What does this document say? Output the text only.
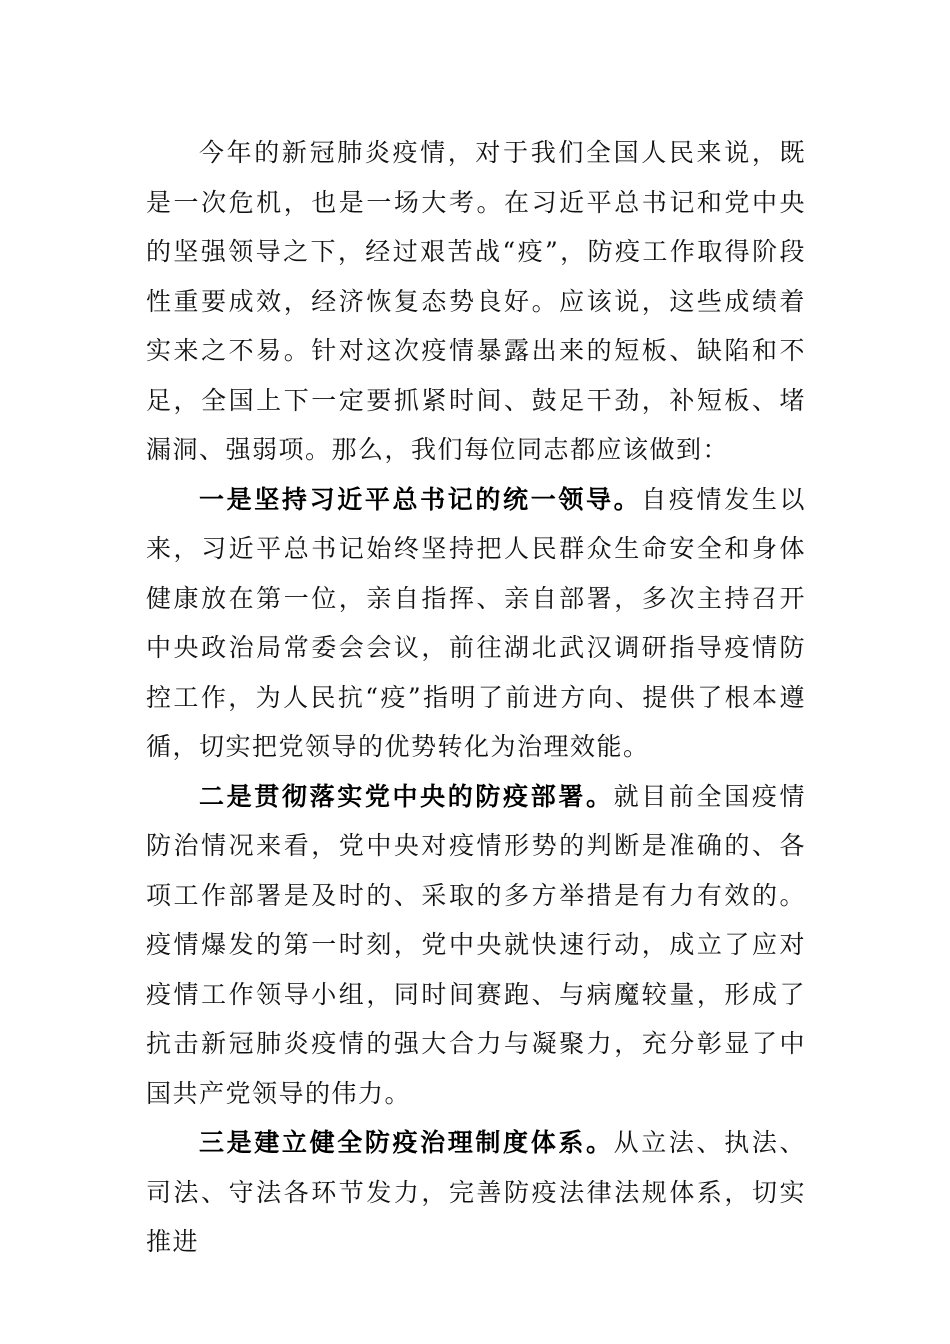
今年的新冠肺炎疫情，对于我们全国人民来说，既是一次危机，也是一场大考。在习近平总书记和党中央的坚强领导之下，经过艰苦战“疫”，防疫工作取得阶段性重要成效，经济恢复态势良好。应该说，这些成绩着实来之不易。针对这次疫情暴露出来的短板、缺陷和不足，全国上下一定要抓紧时间、鼓足干劲，补短板、堵漏洞、强弱项。那么，我们每位同志都应该做到：

一是坚持习近平总书记的统一领导。自疫情发生以来，习近平总书记始终坚持把人民群众生命安全和身体健康放在第一位，亲自指挥、亲自部署，多次主持召开中央政治局常委会会议，前往湖北武汉调研指导疫情防控工作，为人民抗“疫”指明了前进方向、提供了根本遵循，切实把党领导的优势转化为治理效能。

二是贯彻落实党中央的防疫部署。就目前全国疫情防治情况来看，党中央对疫情形势的判断是准确的、各项工作部署是及时的、采取的多方举措是有力有效的。疫情爆发的第一时刻，党中央就快速行动，成立了应对疫情工作领导小组，同时间赛跑、与病魔较量，形成了抗击新冠肺炎疫情的强大合力与凝聚力，充分彰显了中国共产党领导的伟力。

三是建立健全防疫治理制度体系。从立法、执法、司法、守法各环节发力，完善防疫法律法规体系，切实推进
